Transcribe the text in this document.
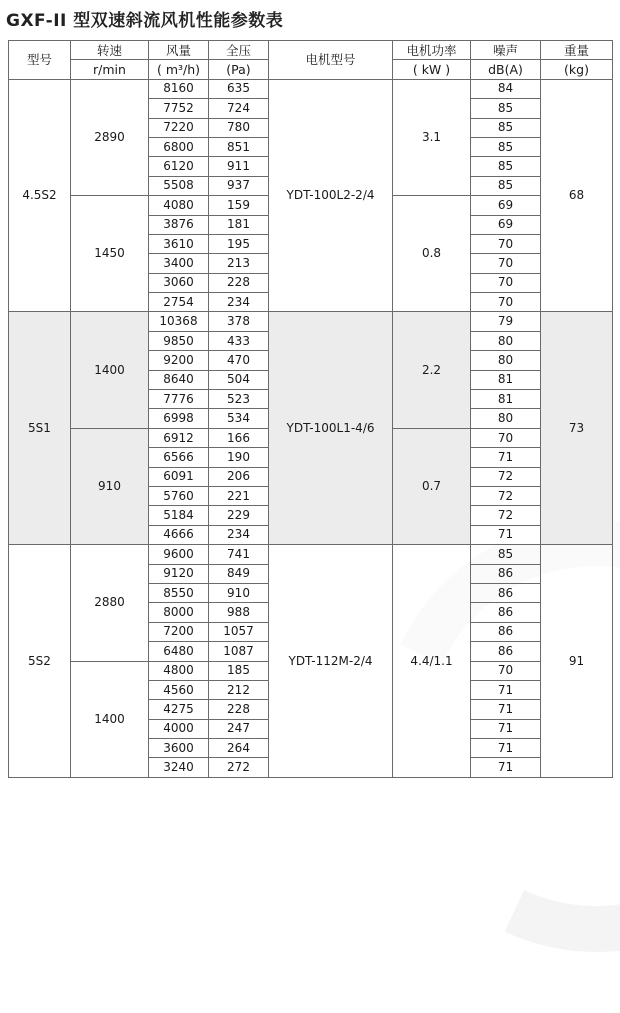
GXF-II 型双速斜流风机性能参数表
型号	转速	风量	全压	电机型号	电机功率	噪声	重量
	r/min	( m³/h)	(Pa)		( kW )	dB(A)	(kg)
4.5S2	2890	8160	635	YDT-100L2-2/4	3.1	84	68
		7752	724			85	
		7220	780			85	
		6800	851			85	
		6120	911			85	
		5508	937			85	
	1450	4080	159		0.8	69	
		3876	181			69	
		3610	195			70	
		3400	213			70	
		3060	228			70	
		2754	234			70	
5S1	1400	10368	378	YDT-100L1-4/6	2.2	79	73
		9850	433			80	
		9200	470			80	
		8640	504			81	
		7776	523			81	
		6998	534			80	
	910	6912	166		0.7	70	
		6566	190			71	
		6091	206			72	
		5760	221			72	
		5184	229			72	
		4666	234			71	
5S2	2880	9600	741	YDT-112M-2/4	4.4/1.1	85	91
		9120	849			86	
		8550	910			86	
		8000	988			86	
		7200	1057			86	
		6480	1087			86	
	1400	4800	185			70	
		4560	212			71	
		4275	228			71	
		4000	247			71	
		3600	264			71	
		3240	272			71	
